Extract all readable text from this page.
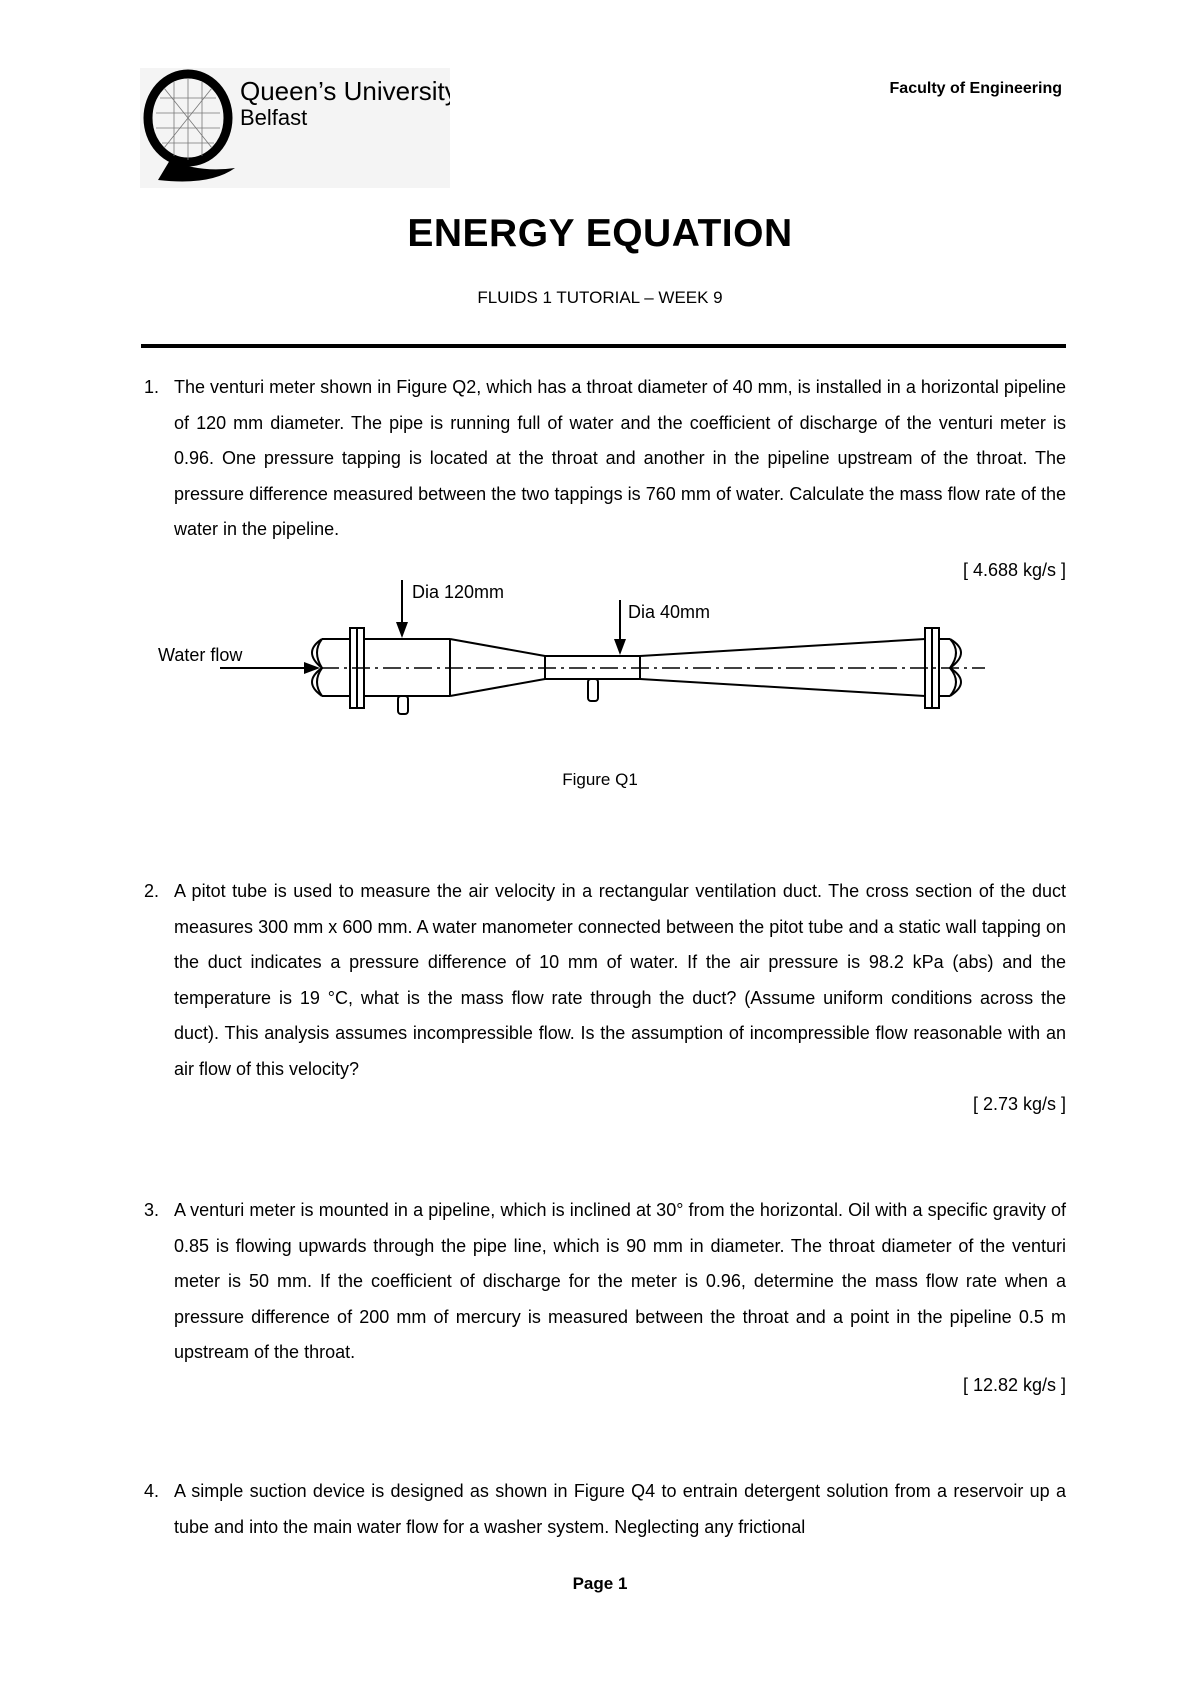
Queen’s University
Belfast
Faculty of Engineering
ENERGY EQUATION
FLUIDS 1 TUTORIAL – WEEK 9
1. The venturi meter shown in Figure Q2, which has a throat diameter of 40 mm, is installed in a horizontal pipeline of 120 mm diameter. The pipe is running full of water and the coefficient of discharge of the venturi meter is 0.96. One pressure tapping is located at the throat and another in the pipeline upstream of the throat. The pressure difference measured between the two tappings is 760 mm of water. Calculate the mass flow rate of the water in the pipeline.
[ 4.688 kg/s ]
Dia 120mm
Dia 40mm
Water flow
Figure Q1
2. A pitot tube is used to measure the air velocity in a rectangular ventilation duct. The cross section of the duct measures 300 mm x 600 mm. A water manometer connected between the pitot tube and a static wall tapping on the duct indicates a pressure difference of 10 mm of water. If the air pressure is 98.2 kPa (abs) and the temperature is 19 °C, what is the mass flow rate through the duct? (Assume uniform conditions across the duct). This analysis assumes incompressible flow. Is the assumption of incompressible flow reasonable with an air flow of this velocity?
[ 2.73 kg/s ]
3. A venturi meter is mounted in a pipeline, which is inclined at 30° from the horizontal. Oil with a specific gravity of 0.85 is flowing upwards through the pipe line, which is 90 mm in diameter. The throat diameter of the venturi meter is 50 mm. If the coefficient of discharge for the meter is 0.96, determine the mass flow rate when a pressure difference of 200 mm of mercury is measured between the throat and a point in the pipeline 0.5 m upstream of the throat.
[ 12.82 kg/s ]
4. A simple suction device is designed as shown in Figure Q4 to entrain detergent solution from a reservoir up a tube and into the main water flow for a washer system. Neglecting any frictional
Page 1
